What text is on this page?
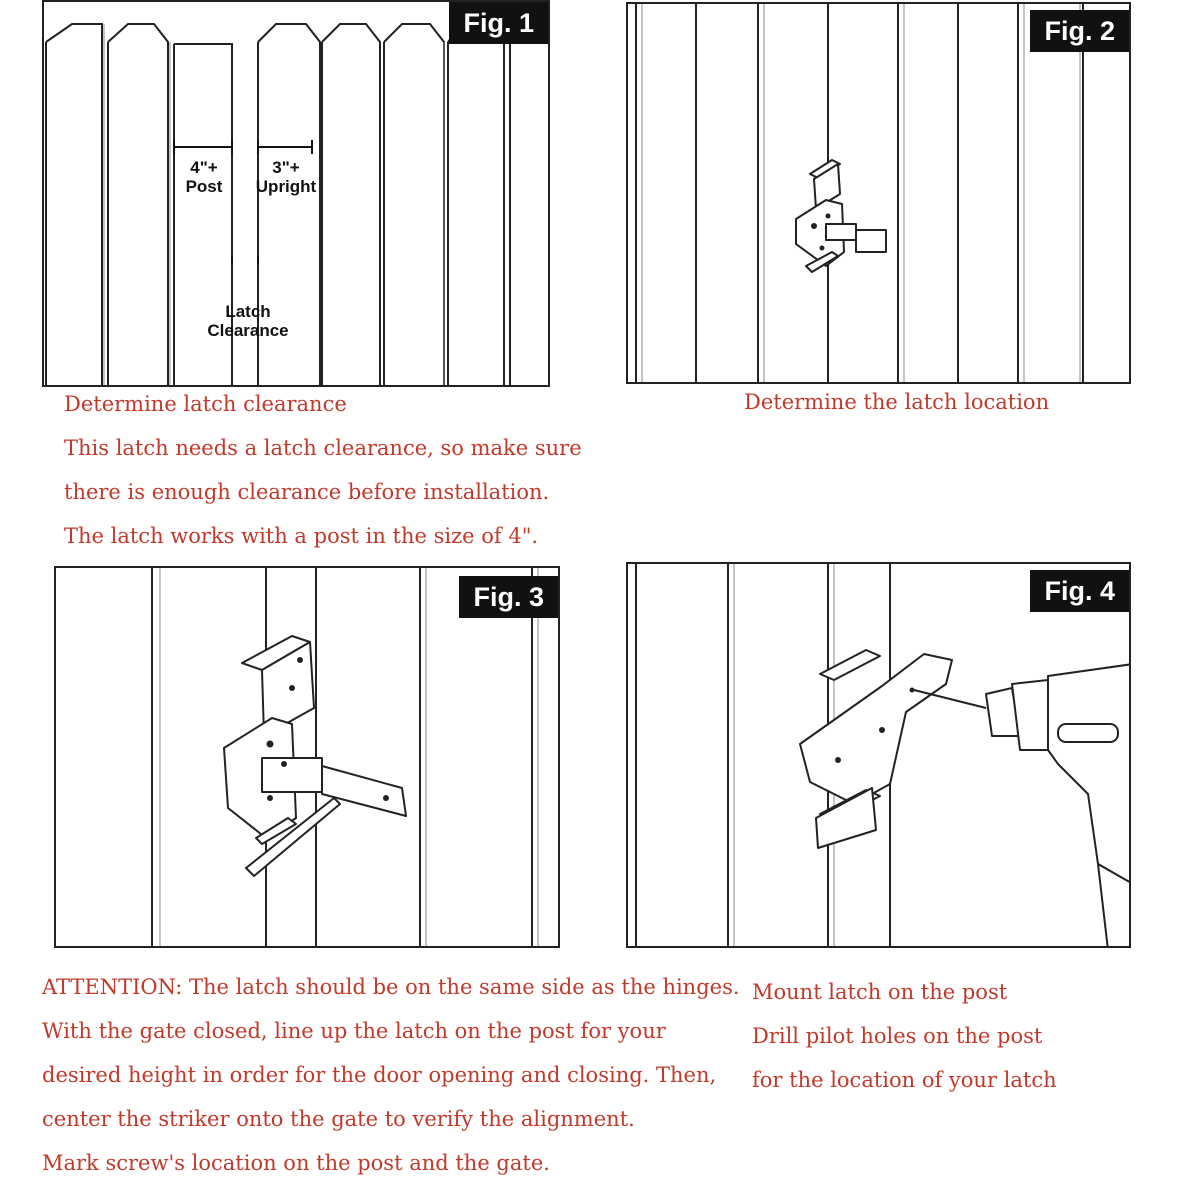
4"+
Post
3"+
Upright
Latch
Clearance
Fig. 1
Determine latch clearance
This latch needs a latch clearance, so make sure
there is enough clearance before installation.
The latch works with a post in the size of 4".
Fig. 2
Determine the latch location
Fig. 3
ATTENTION: The latch should be on the same side as the hinges.
With the gate closed, line up the latch on the post for your
desired height in order for the door opening and closing. Then,
center the striker onto the gate to verify the alignment.
Mark screw's location on the post and the gate.
Fig. 4
Mount latch on the post
Drill pilot holes on the post
for the location of your latch
